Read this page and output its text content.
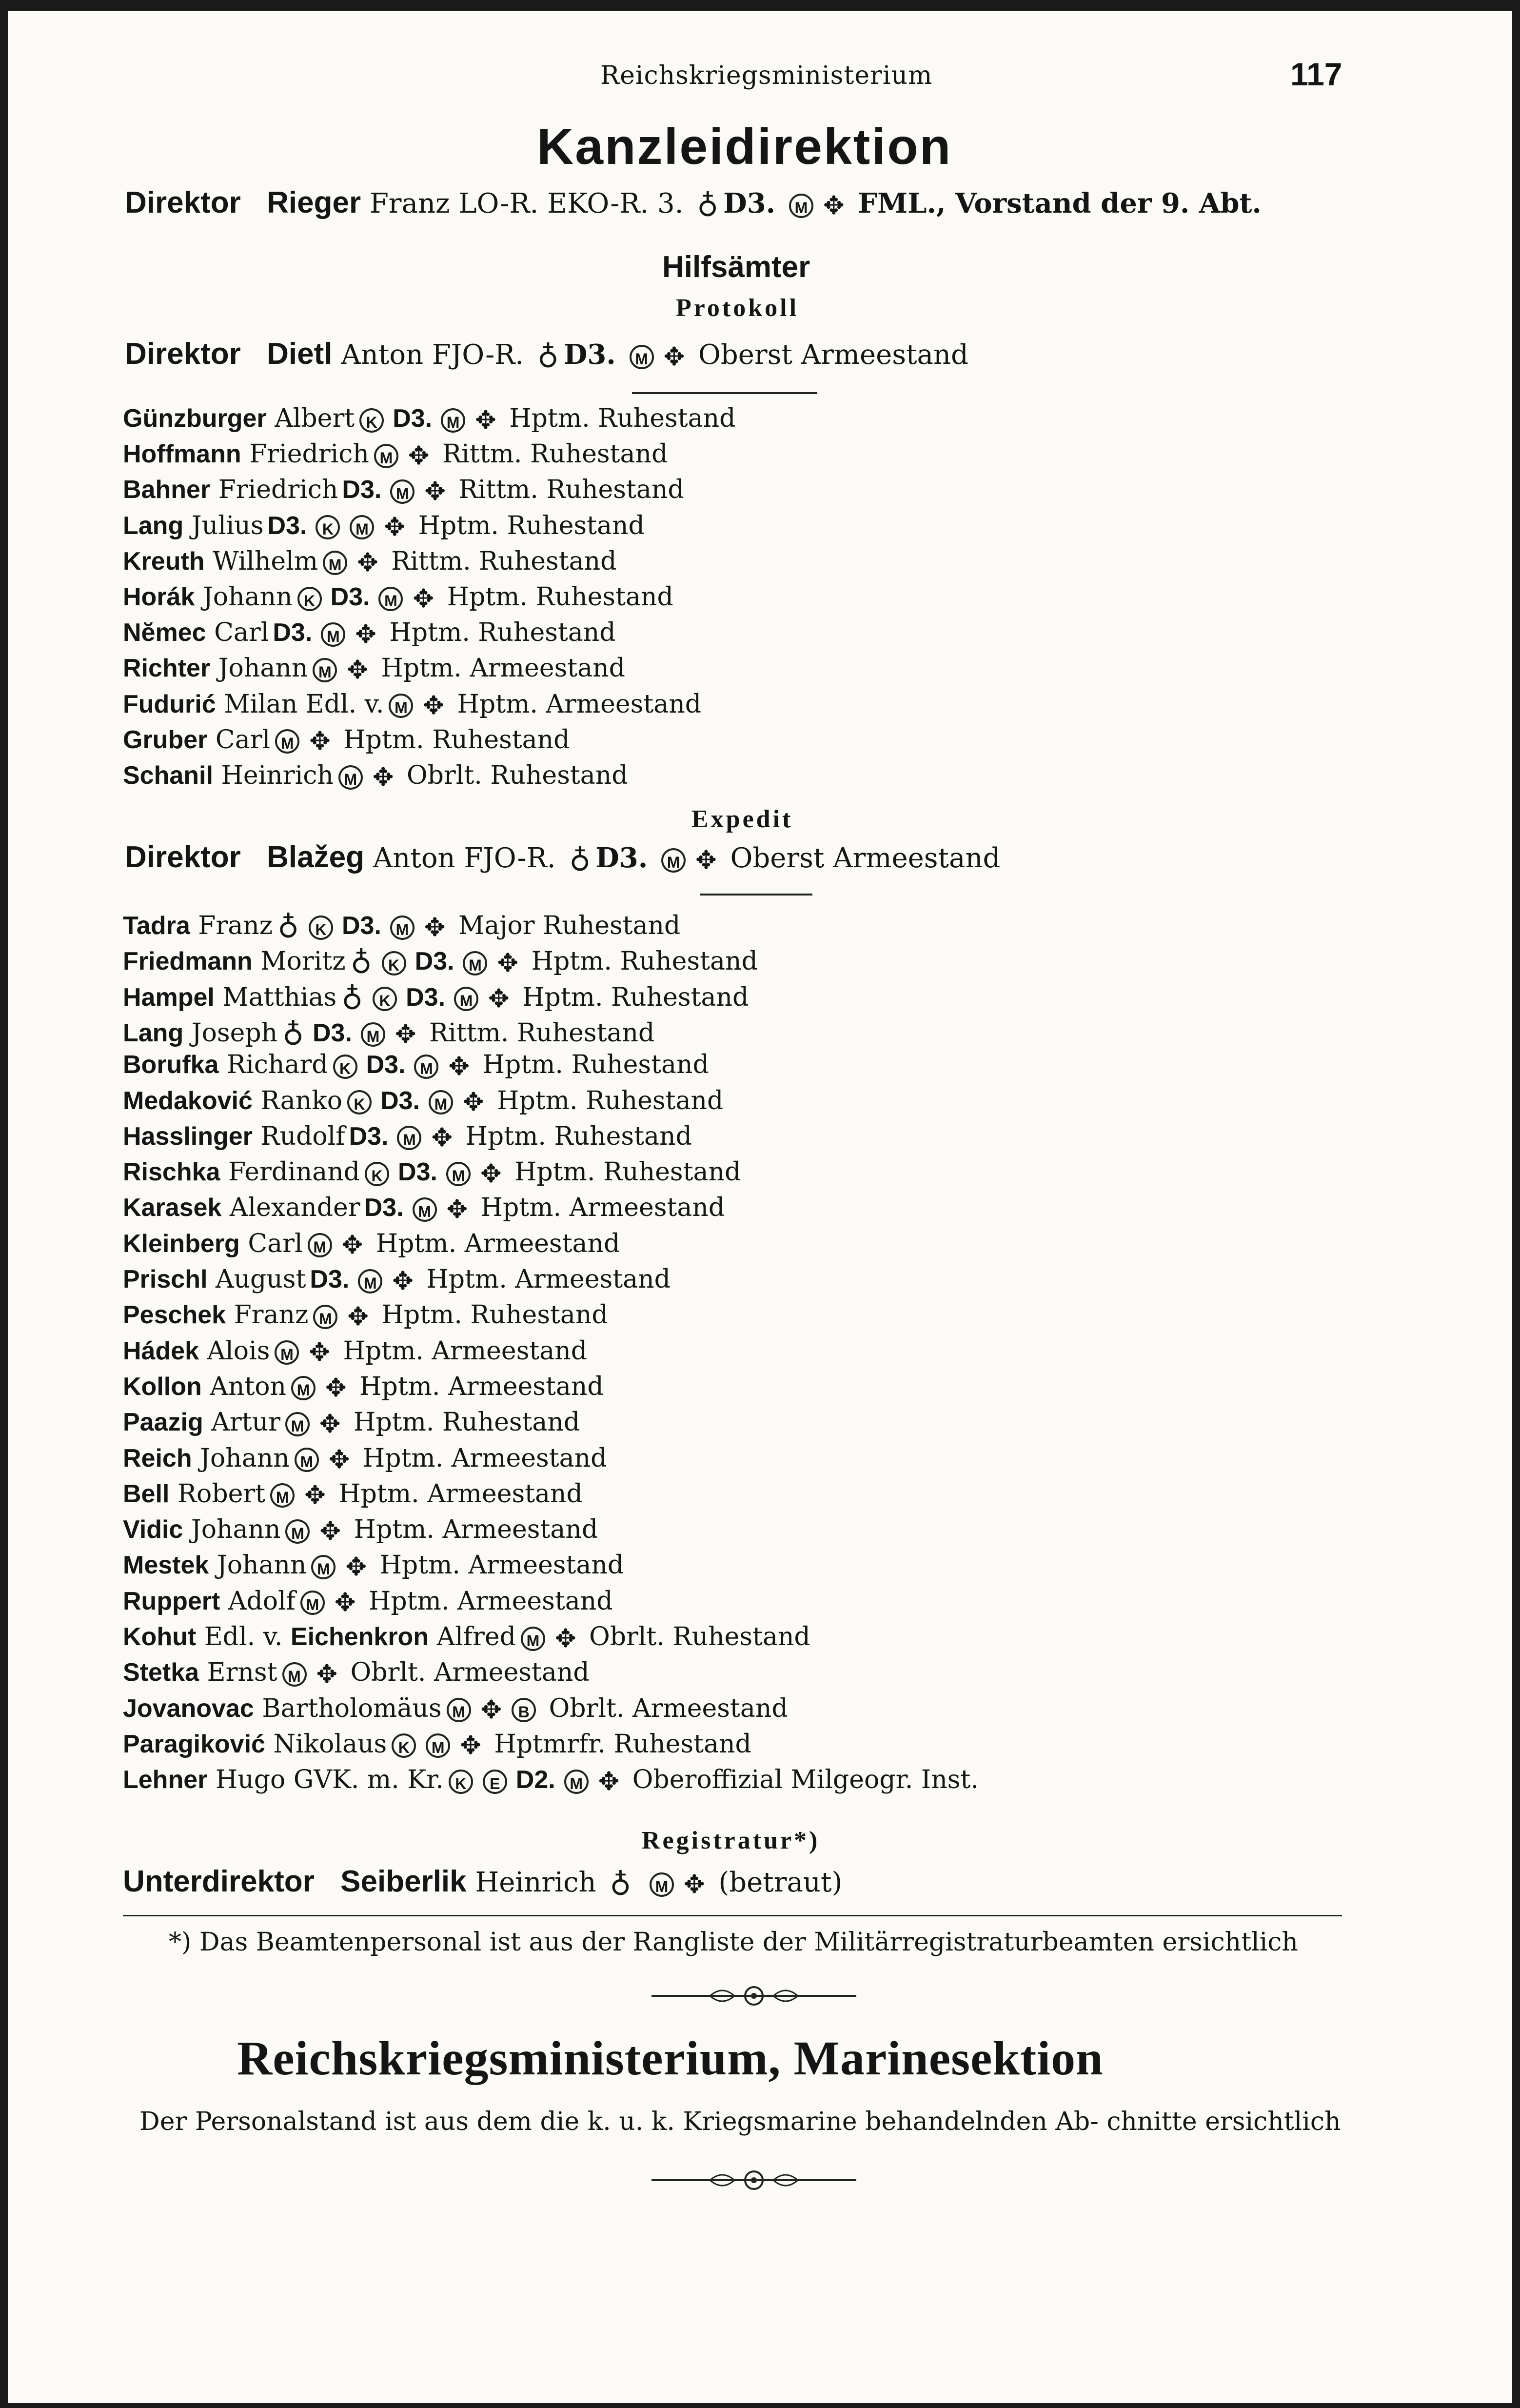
Reichskriegsministerium	117
Kanzleidirektion
Direktor Rieger Franz LO-R. EKO-R. 3. ♁ D3. M ✥ FML., Vorstand der 9. Abt.
Hilfsämter
Protokoll
Direktor Dietl Anton FJO-R. ♁ D3. M ✥ Oberst Armeestand
Günzburger Albert K D3. M ✥ Hptm. Ruhestand
Hoffmann Friedrich M ✥ Rittm. Ruhestand
Bahner Friedrich D3. M ✥ Rittm. Ruhestand
Lang Julius D3. K M ✥ Hptm. Ruhestand
Kreuth Wilhelm M ✥ Rittm. Ruhestand
Horák Johann K D3. M ✥ Hptm. Ruhestand
Nĕmec Carl D3. M ✥ Hptm. Ruhestand
Richter Johann M ✥ Hptm. Armeestand
Fudurić Milan Edl. v. M ✥ Hptm. Armeestand
Gruber Carl M ✥ Hptm. Ruhestand
Schanil Heinrich M ✥ Obrlt. Ruhestand
Expedit
Direktor Blažeg Anton FJO-R. ♁ D3. M ✥ Oberst Armeestand
Tadra Franz ♁ K D3. M ✥ Major Ruhestand
Friedmann Moritz ♁ K D3. M ✥ Hptm. Ruhestand
Hampel Matthias ♁ K D3. M ✥ Hptm. Ruhestand
Lang Joseph ♁ D3. M ✥ Rittm. Ruhestand
Borufka Richard K D3. M ✥ Hptm. Ruhestand
Medaković Ranko K D3. M ✥ Hptm. Ruhestand
Hasslinger Rudolf D3. M ✥ Hptm. Ruhestand
Rischka Ferdinand K D3. M ✥ Hptm. Ruhestand
Karasek Alexander D3. M ✥ Hptm. Armeestand
Kleinberg Carl M ✥ Hptm. Armeestand
Prischl August D3. M ✥ Hptm. Armeestand
Peschek Franz M ✥ Hptm. Ruhestand
Hádek Alois M ✥ Hptm. Armeestand
Kollon Anton M ✥ Hptm. Armeestand
Paazig Artur M ✥ Hptm. Ruhestand
Reich Johann M ✥ Hptm. Armeestand
Bell Robert M ✥ Hptm. Armeestand
Vidic Johann M ✥ Hptm. Armeestand
Mestek Johann M ✥ Hptm. Armeestand
Ruppert Adolf M ✥ Hptm. Armeestand
Kohut Edl. v. Eichenkron Alfred M ✥ Obrlt. Ruhestand
Stetka Ernst M ✥ Obrlt. Armeestand
Jovanovac Bartholomäus M ✥ B Obrlt. Armeestand
Paragiković Nikolaus K M ✥ Hptmrfr. Ruhestand
Lehner Hugo GVK. m. Kr. K E D2. M ✥ Oberoffizial Milgeogr. Inst.
Registratur*)
Unterdirektor Seiberlik Heinrich ♁ M ✥ (betraut)
*) Das Beamtenpersonal ist aus der Rangliste der Militärregistraturbeamten ersichtlich
Reichskriegsministerium, Marinesektion
Der Personalstand ist aus dem die k. u. k. Kriegsmarine behandelnden Ab- chnitte ersichtlich
